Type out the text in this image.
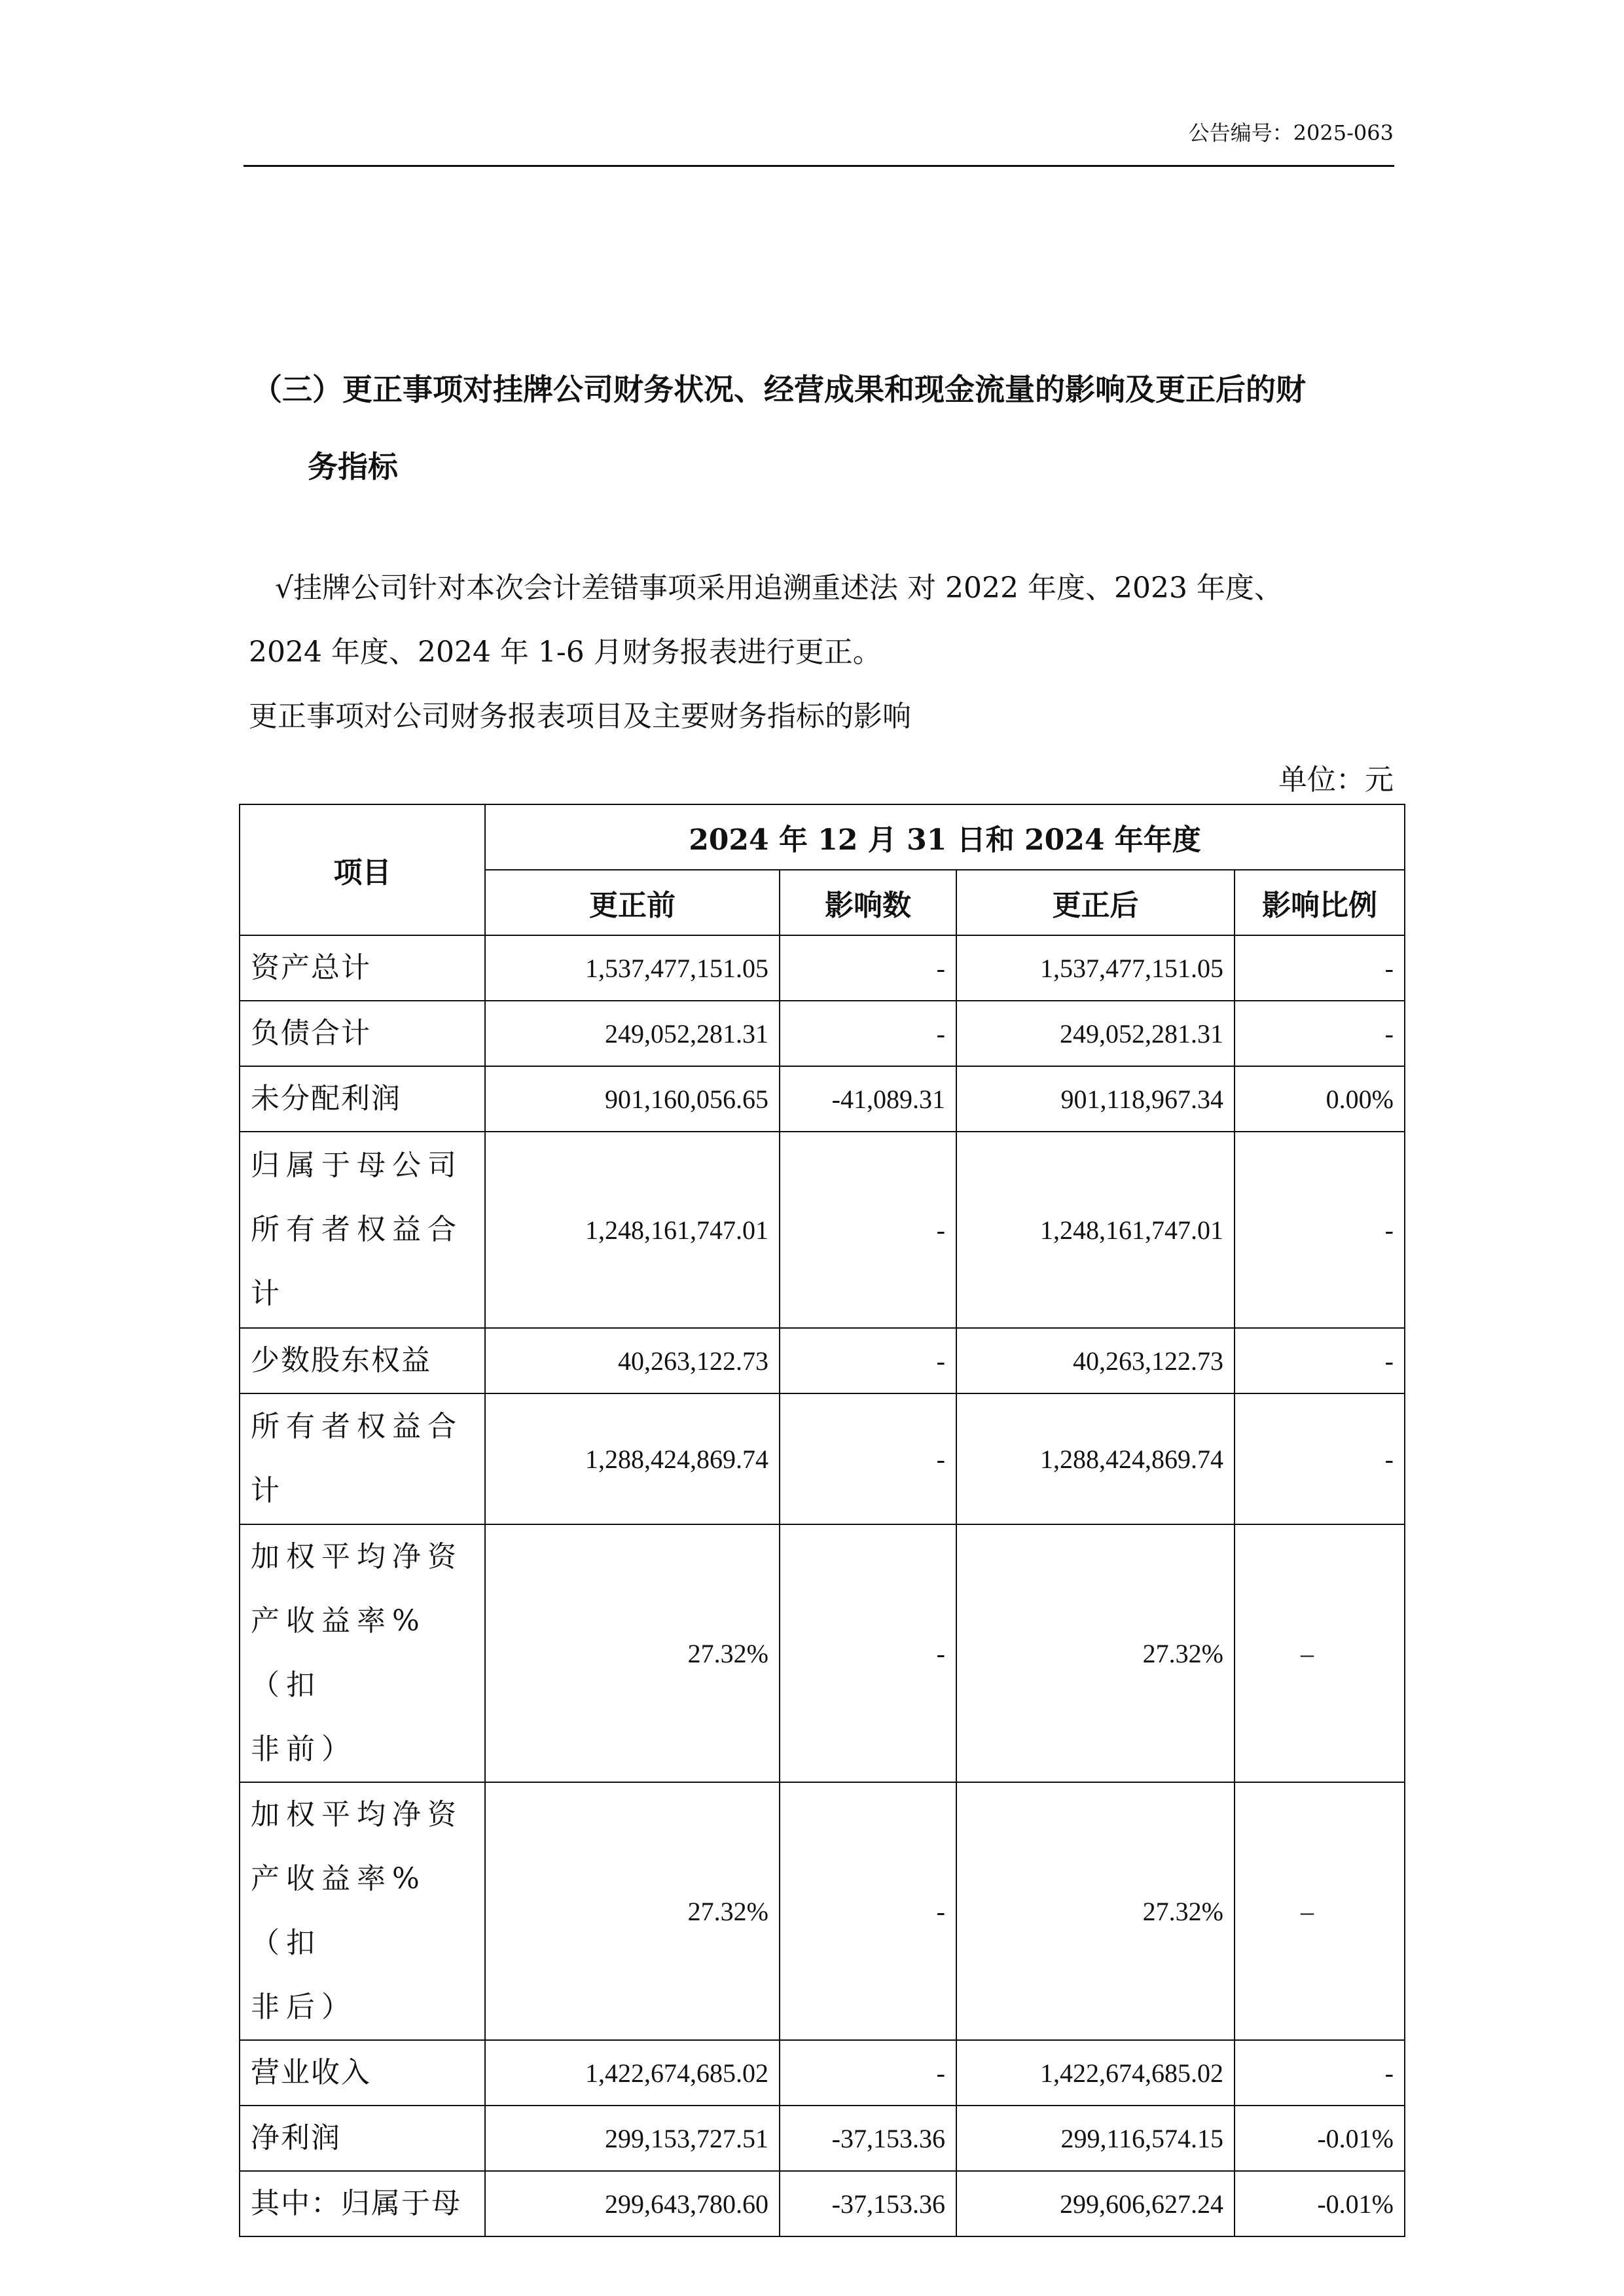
公告编号：2025-063
（三）更正事项对挂牌公司财务状况、经营成果和现金流量的影响及更正后的财
务指标
√挂牌公司针对本次会计差错事项采用追溯重述法 对 2022 年度、2023 年度、
2024 年度、2024 年 1-6 月财务报表进行更正。
更正事项对公司财务报表项目及主要财务指标的影响
单位：元
项目	2024 年 12 月 31 日和 2024 年年度			
	更正前	影响数	更正后	影响比例
资产总计	1,537,477,151.05	-	1,537,477,151.05	-
负债合计	249,052,281.31	-	249,052,281.31	-
未分配利润	901,160,056.65	-41,089.31	901,118,967.34	0.00%

归属于母公司
所有者权益合
计	1,248,161,747.01	-	1,248,161,747.01	-
少数股东权益	40,263,122.73	-	40,263,122.73	-

所有者权益合
计	1,288,424,869.74	-	1,288,424,869.74	-

加权平均净资
产收益率%（扣
非前）	27.32%	-	27.32%	–

加权平均净资
产收益率%（扣
非后）	27.32%	-	27.32%	–
营业收入	1,422,674,685.02	-	1,422,674,685.02	-
净利润	299,153,727.51	-37,153.36	299,116,574.15	-0.01%
其中：归属于母	299,643,780.60	-37,153.36	299,606,627.24	-0.01%
